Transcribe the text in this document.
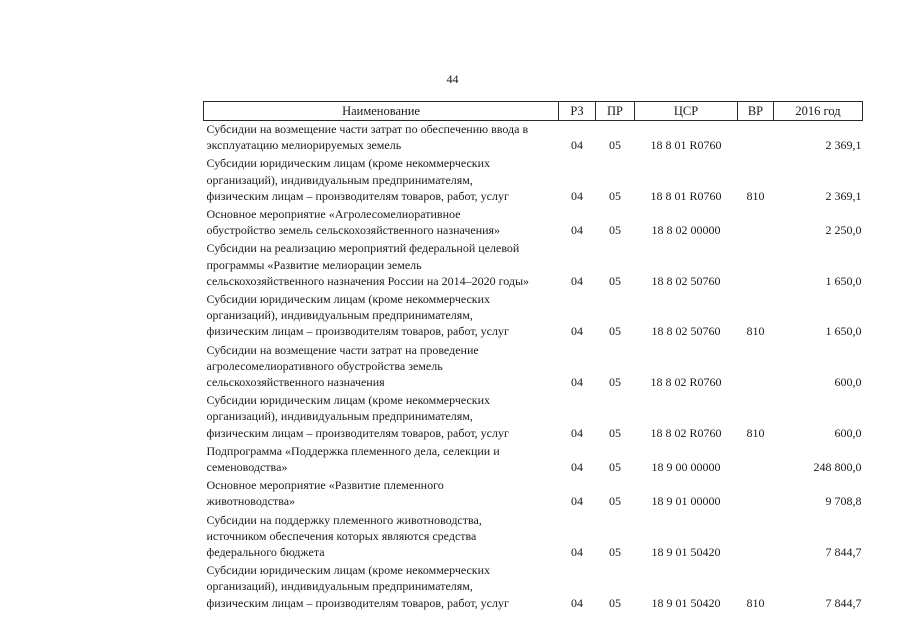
44
Наименование	РЗ	ПР	ЦСР	ВР	2016 год

Субсидии на возмещение части затрат по обеспечению ввода в
эксплуатацию мелиорируемых земель	04	05	18 8 01 R0760		2 369,1

Субсидии юридическим лицам (кроме некоммерческих
организаций), индивидуальным предпринимателям,
физическим лицам – производителям товаров, работ, услуг	04	05	18 8 01 R0760	810	2 369,1

Основное мероприятие «Агролесомелиоративное
обустройство земель сельскохозяйственного назначения»	04	05	18 8 02 00000		2 250,0

Субсидии на реализацию мероприятий федеральной целевой
программы «Развитие мелиорации земель
сельскохозяйственного назначения России на 2014–2020 годы»	04	05	18 8 02 50760		1 650,0

Субсидии юридическим лицам (кроме некоммерческих
организаций), индивидуальным предпринимателям,
физическим лицам – производителям товаров, работ, услуг	04	05	18 8 02 50760	810	1 650,0

Субсидии на возмещение части затрат на проведение
агролесомелиоративного обустройства земель
сельскохозяйственного назначения	04	05	18 8 02 R0760		600,0

Субсидии юридическим лицам (кроме некоммерческих
организаций), индивидуальным предпринимателям,
физическим лицам – производителям товаров, работ, услуг	04	05	18 8 02 R0760	810	600,0

Подпрограмма «Поддержка племенного дела, селекции и
семеноводства»	04	05	18 9 00 00000		248 800,0

Основное мероприятие «Развитие племенного
животноводства»	04	05	18 9 01 00000		9 708,8

Субсидии на поддержку племенного животноводства,
источником обеспечения которых являются средства
федерального бюджета	04	05	18 9 01 50420		7 844,7

Субсидии юридическим лицам (кроме некоммерческих
организаций), индивидуальным предпринимателям,
физическим лицам – производителям товаров, работ, услуг	04	05	18 9 01 50420	810	7 844,7
